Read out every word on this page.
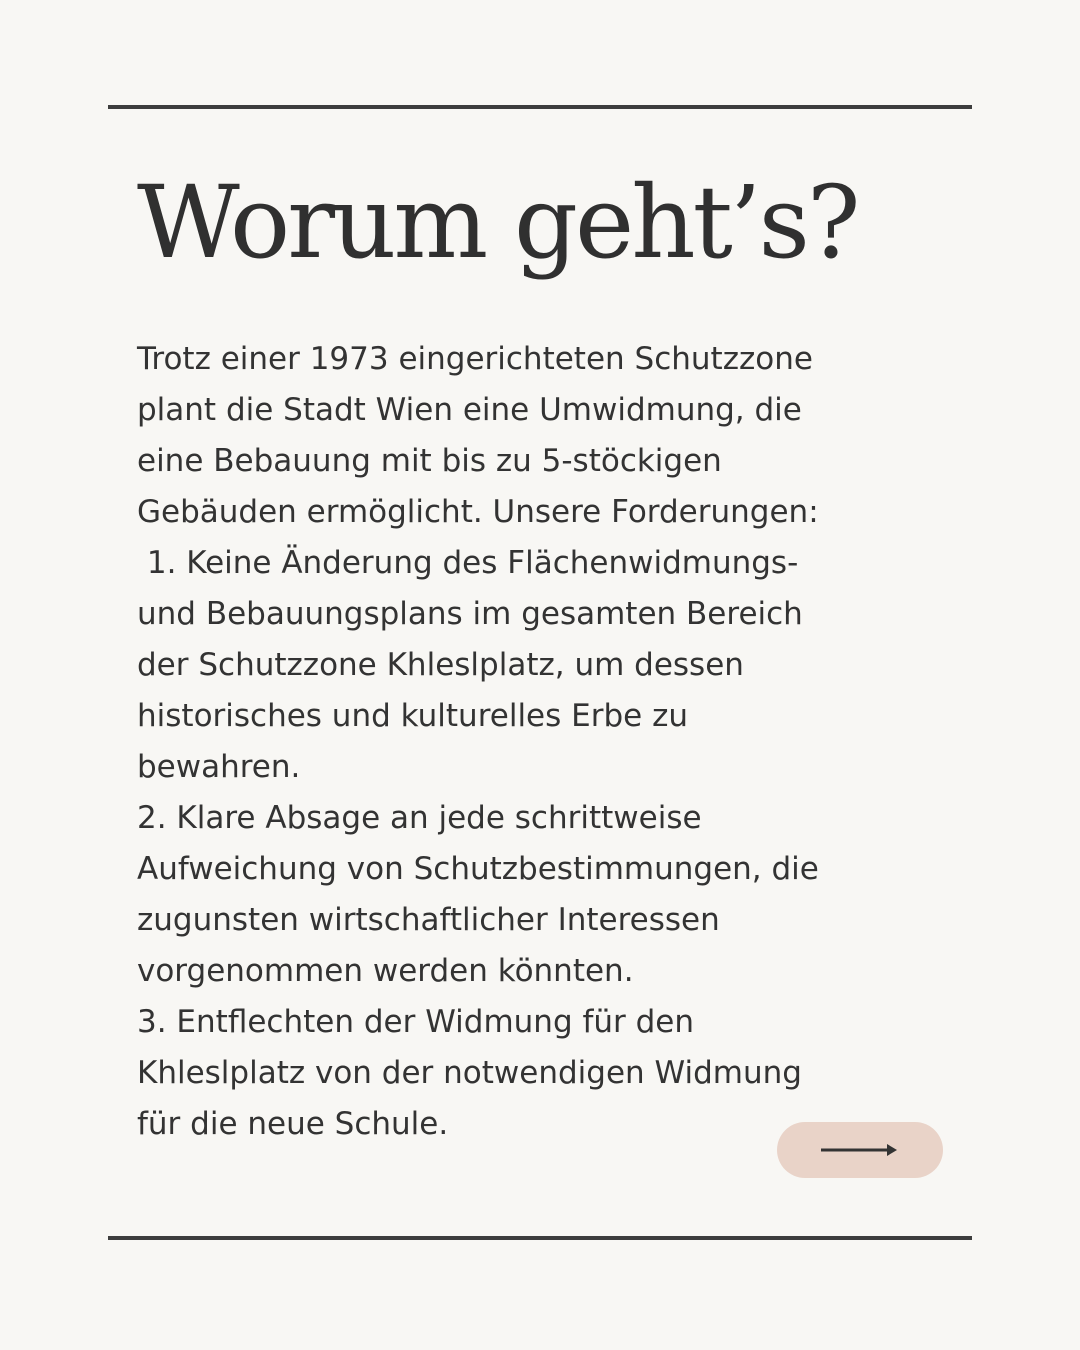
Worum geht’s?
Trotz einer 1973 eingerichteten Schutzzone
plant die Stadt Wien eine Umwidmung, die
eine Bebauung mit bis zu 5-stöckigen
Gebäuden ermöglicht. Unsere Forderungen:
1. Keine Änderung des Flächenwidmungs-
und Bebauungsplans im gesamten Bereich
der Schutzzone Khleslplatz, um dessen
historisches und kulturelles Erbe zu
bewahren.
2. Klare Absage an jede schrittweise
Aufweichung von Schutzbestimmungen, die
zugunsten wirtschaftlicher Interessen
vorgenommen werden könnten.
3. Entflechten der Widmung für den
Khleslplatz von der notwendigen Widmung
für die neue Schule.
